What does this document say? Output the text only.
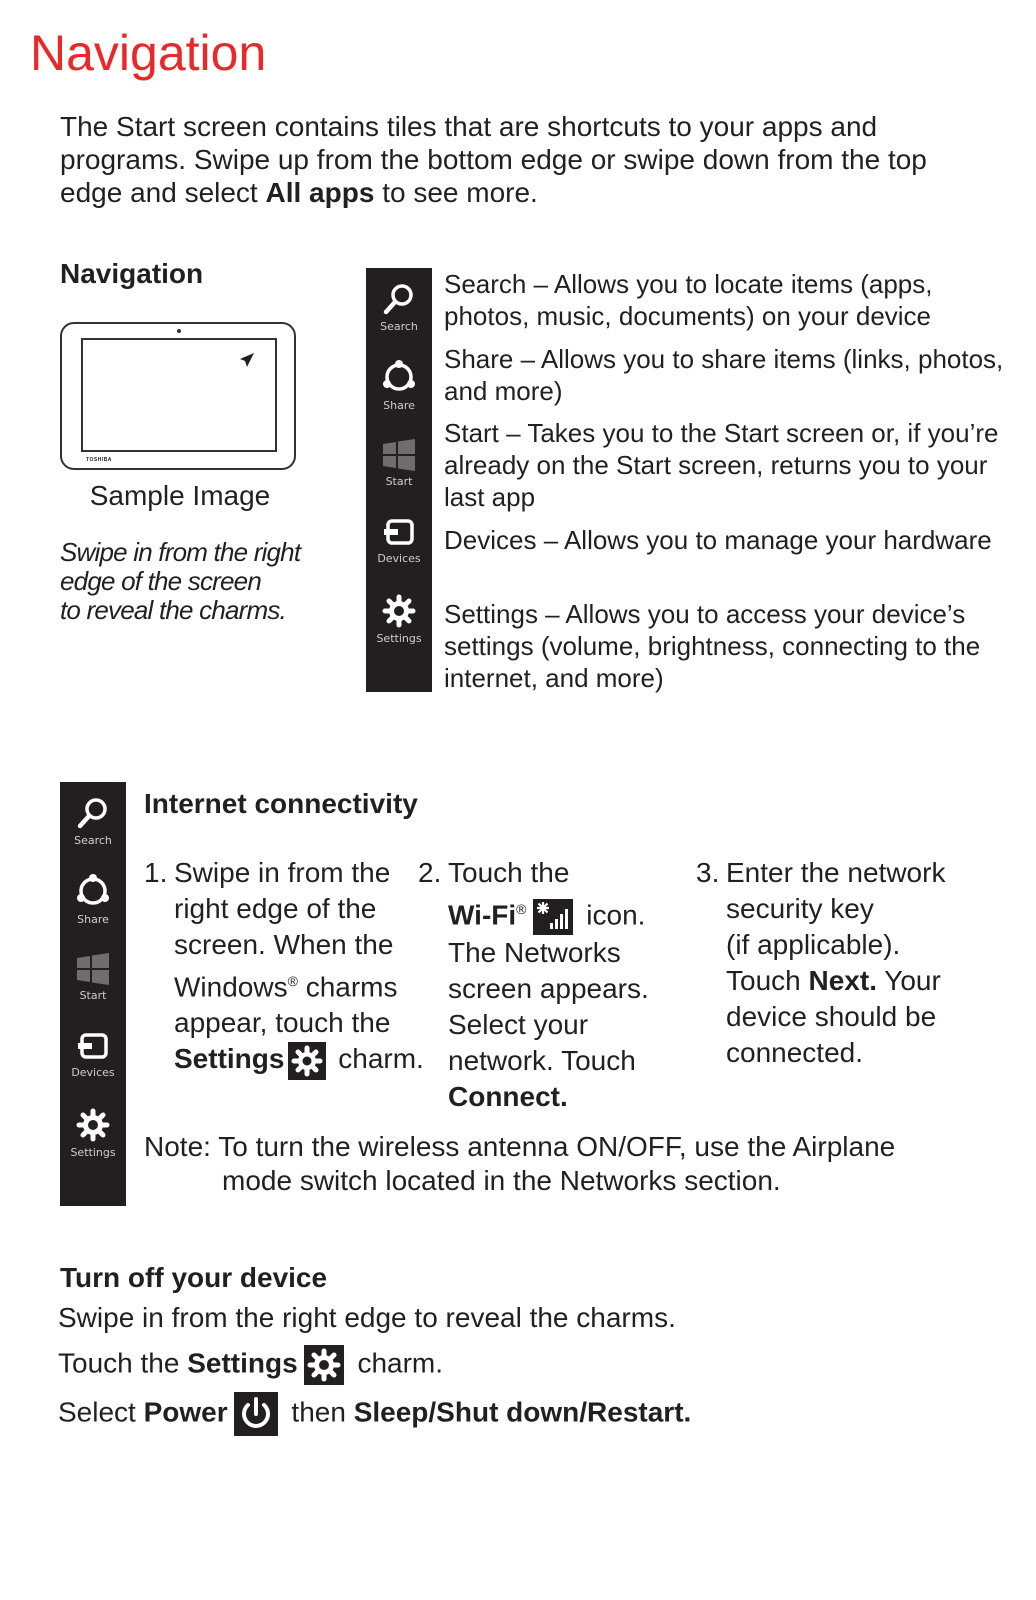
Navigation
The Start screen contains tiles that are shortcuts to your apps and programs. Swipe up from the bottom edge or swipe down from the top edge and select All apps to see more.
Navigation
TOSHIBA
Sample Image
Swipe in from the right
edge of the screen
to reveal the charms.
Search
Share
Start
Devices
Settings
Search – Allows you to locate items (apps, photos, music, documents) on your device
Share – Allows you to share items (links, photos, and more)
Start – Takes you to the Start screen or, if you’re already on the Start screen, returns you to your last app
Devices – Allows you to manage your hardware
Settings – Allows you to access your device’s settings (volume, brightness, connecting to the internet, and more)
Search
Share
Start
Devices
Settings
Internet connectivity
1. Swipe in from the
right edge of the
screen. When the
Windows® charms
appear, touch the
Settings charm.
2. Touch the
Wi-Fi® icon.
The Networks
screen appears.
Select your
network. Touch
Connect.
3. Enter the network
security key
(if applicable).
Touch Next. Your
device should be
connected.
Note: To turn the wireless antenna ON/OFF, use the Airplane
mode switch located in the Networks section.
Turn off your device
Swipe in from the right edge to reveal the charms.
Touch the Settings charm.
Select Power then Sleep/Shut down/Restart.
